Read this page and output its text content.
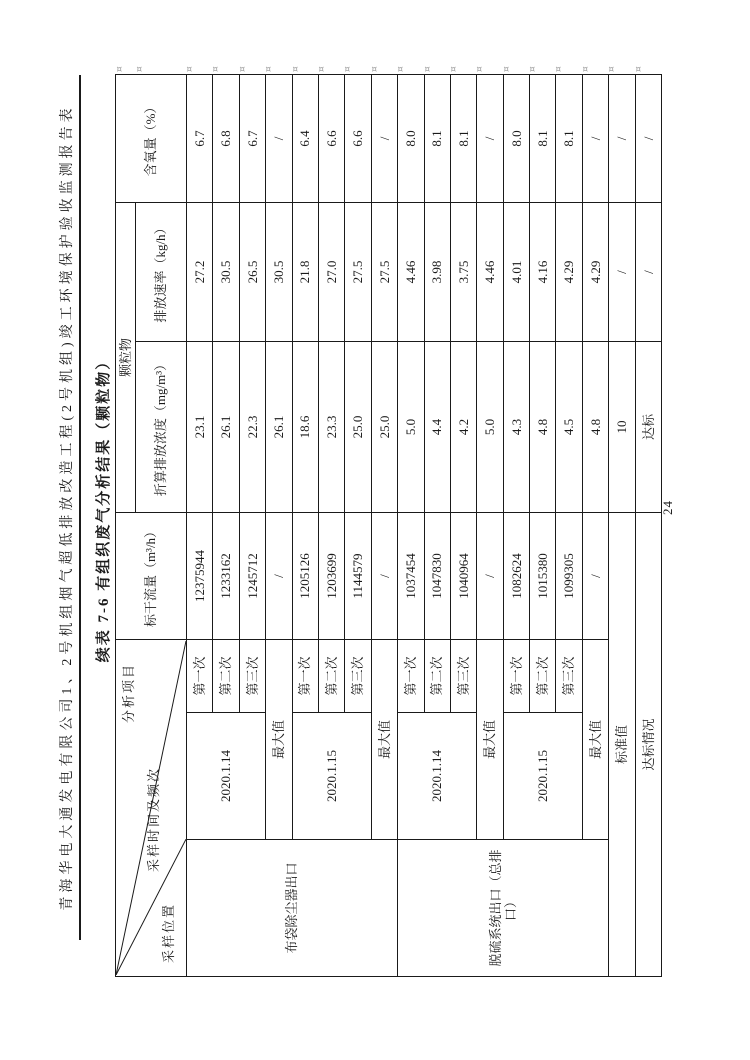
青海华电大通发电有限公司1、2号机组烟气超低排放改造工程(2号机组)竣工环境保护验收监测报告表 续表 7-6 有组织废气分析结果（颗粒物）
分析项目
采样时间及频次
采样位置			标干流量（m³/h）	颗粒物		含氧量（%）
				折算排放浓度（mg/m³）	排放速率（kg/h）	
布袋除尘器出口	2020.1.14	第一次	12375944	23.1	27.2	6.7
		第二次	1233162	26.1	30.5	6.8
		第三次	1245712	22.3	26.5	6.7
	最大值		/	26.1	30.5	/
	2020.1.15	第一次	1205126	18.6	21.8	6.4
		第二次	1203699	23.3	27.0	6.6
		第三次	1144579	25.0	27.5	6.6
	最大值		/	25.0	27.5	/
脱硫系统出口（总排口）	2020.1.14	第一次	1037454	5.0	4.46	8.0
		第二次	1047830	4.4	3.98	8.1
		第三次	1040964	4.2	3.75	8.1
	最大值		/	5.0	4.46	/
	2020.1.15	第一次	1082624	4.3	4.01	8.0
		第二次	1015380	4.8	4.16	8.1
		第三次	1099305	4.5	4.29	8.1
	最大值		/	4.8	4.29	/
标准值				10	/	/
达标情况				达标	/	/
¤	¤	¤	¤	¤	¤	¤	¤	¤	¤	¤	¤	¤	¤	¤	¤	¤	¤	¤	¤
24
